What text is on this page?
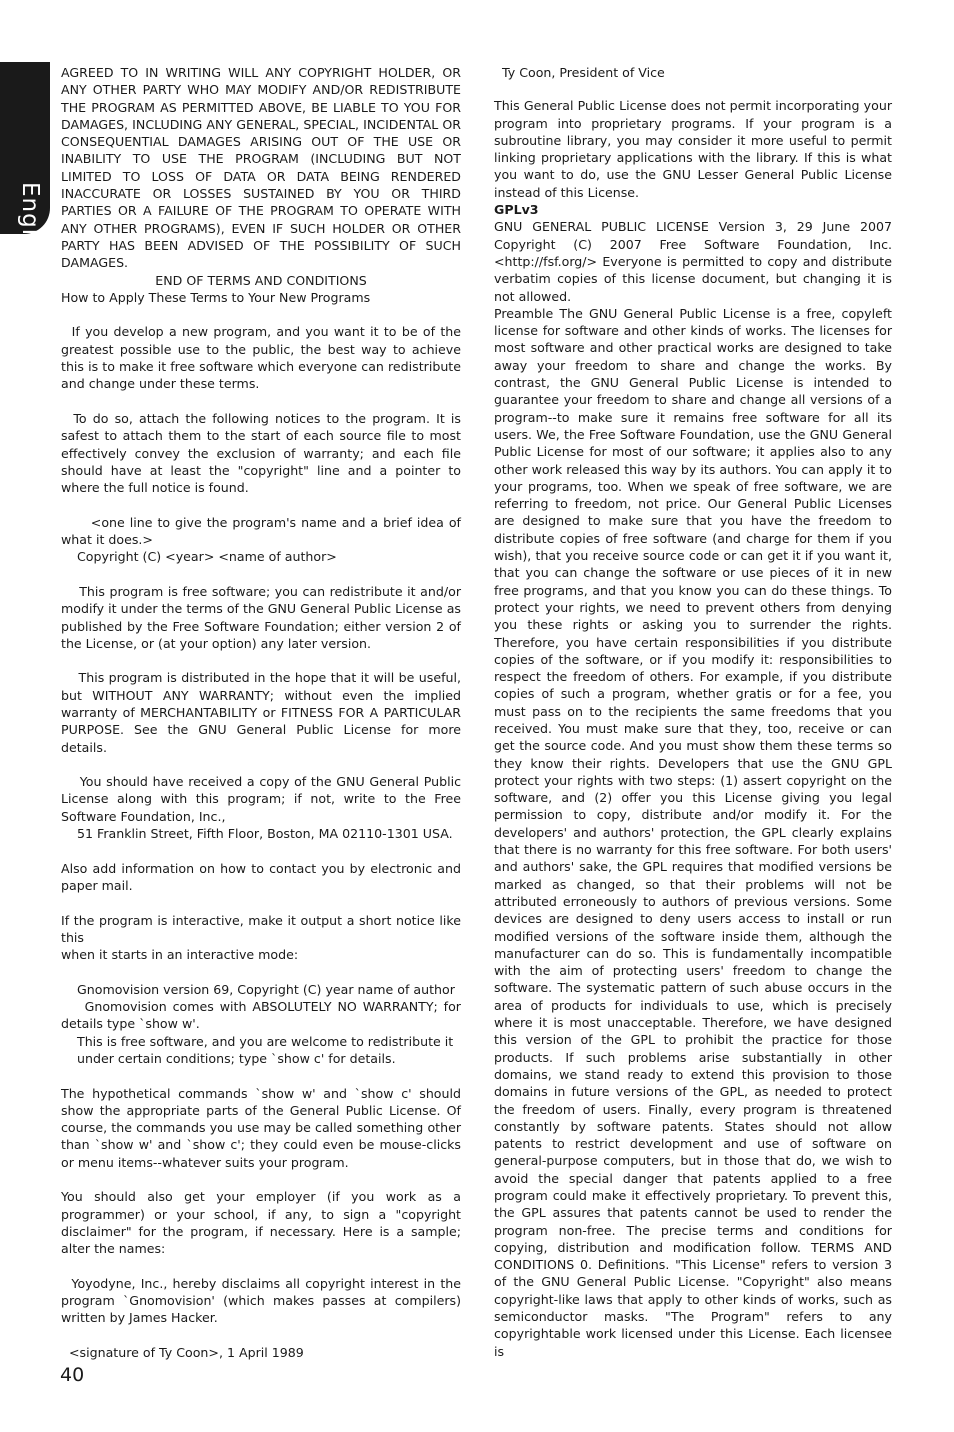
English

AGREED TO IN WRITING WILL ANY COPYRIGHT HOLDER, OR ANY OTHER PARTY WHO MAY MODIFY AND/OR REDISTRIBUTE THE PROGRAM AS PERMITTED ABOVE, BE LIABLE TO YOU FOR DAMAGES, INCLUDING ANY GENERAL, SPECIAL, INCIDENTAL OR CONSEQUENTIAL DAMAGES ARISING OUT OF THE USE OR INABILITY TO USE THE PROGRAM (INCLUDING BUT NOT LIMITED TO LOSS OF DATA OR DATA BEING RENDERED INACCURATE OR LOSSES SUSTAINED BY YOU OR THIRD PARTIES OR A FAILURE OF THE PROGRAM TO OPERATE WITH ANY OTHER PROGRAMS), EVEN IF SUCH HOLDER OR OTHER PARTY HAS BEEN ADVISED OF THE POSSIBILITY OF SUCH DAMAGES.

END OF TERMS AND CONDITIONS

How to Apply These Terms to Your New Programs

If you develop a new program, and you want it to be of the greatest possible use to the public, the best way to achieve this is to make it free software which everyone can redistribute and change under these terms.

To do so, attach the following notices to the program. It is safest to attach them to the start of each source file to most effectively convey the exclusion of warranty; and each file should have at least the "copyright" line and a pointer to where the full notice is found.

<one line to give the program's name and a brief idea of what it does.>

Copyright (C) <year> <name of author>

This program is free software; you can redistribute it and/or modify it under the terms of the GNU General Public License as published by the Free Software Foundation; either version 2 of the License, or (at your option) any later version.

This program is distributed in the hope that it will be useful, but WITHOUT ANY WARRANTY; without even the implied warranty of MERCHANTABILITY or FITNESS FOR A PARTICULAR PURPOSE. See the GNU General Public License for more details.

You should have received a copy of the GNU General Public License along with this program; if not, write to the Free Software Foundation, Inc.,

51 Franklin Street, Fifth Floor, Boston, MA 02110-1301 USA.

Also add information on how to contact you by electronic and paper mail.

If the program is interactive, make it output a short notice like this

when it starts in an interactive mode:

Gnomovision version 69, Copyright (C) year name of author

Gnomovision comes with ABSOLUTELY NO WARRANTY; for details type `show w'.

This is free software, and you are welcome to redistribute it

under certain conditions; type `show c' for details.

The hypothetical commands `show w' and `show c' should show the appropriate parts of the General Public License. Of course, the commands you use may be called something other than `show w' and `show c'; they could even be mouse-clicks or menu items--whatever suits your program.

You should also get your employer (if you work as a programmer) or your school, if any, to sign a "copyright disclaimer" for the program, if necessary. Here is a sample; alter the names:

Yoyodyne, Inc., hereby disclaims all copyright interest in the program `Gnomovision' (which makes passes at compilers) written by James Hacker.

<signature of Ty Coon>, 1 April 1989

Ty Coon, President of Vice

This General Public License does not permit incorporating your program into proprietary programs. If your program is a subroutine library, you may consider it more useful to permit linking proprietary applications with the library. If this is what you want to do, use the GNU Lesser General Public License instead of this License.

GPLv3

GNU GENERAL PUBLIC LICENSE Version 3, 29 June 2007 Copyright (C) 2007 Free Software Foundation, Inc. <http://fsf.org/> Everyone is permitted to copy and distribute verbatim copies of this license document, but changing it is not allowed.

Preamble The GNU General Public License is a free, copyleft license for software and other kinds of works. The licenses for most software and other practical works are designed to take away your freedom to share and change the works. By contrast, the GNU General Public License is intended to guarantee your freedom to share and change all versions of a program--to make sure it remains free software for all its users. We, the Free Software Foundation, use the GNU General Public License for most of our software; it applies also to any other work released this way by its authors. You can apply it to your programs, too. When we speak of free software, we are referring to freedom, not price. Our General Public Licenses are designed to make sure that you have the freedom to distribute copies of free software (and charge for them if you wish), that you receive source code or can get it if you want it, that you can change the software or use pieces of it in new free programs, and that you know you can do these things. To protect your rights, we need to prevent others from denying you these rights or asking you to surrender the rights. Therefore, you have certain responsibilities if you distribute copies of the software, or if you modify it: responsibilities to respect the freedom of others. For example, if you distribute copies of such a program, whether gratis or for a fee, you must pass on to the recipients the same freedoms that you received. You must make sure that they, too, receive or can get the source code. And you must show them these terms so they know their rights. Developers that use the GNU GPL protect your rights with two steps: (1) assert copyright on the software, and (2) offer you this License giving you legal permission to copy, distribute and/or modify it. For the developers' and authors' protection, the GPL clearly explains that there is no warranty for this free software. For both users' and authors' sake, the GPL requires that modified versions be marked as changed, so that their problems will not be attributed erroneously to authors of previous versions. Some devices are designed to deny users access to install or run modified versions of the software inside them, although the manufacturer can do so. This is fundamentally incompatible with the aim of protecting users' freedom to change the software. The systematic pattern of such abuse occurs in the area of products for individuals to use, which is precisely where it is most unacceptable. Therefore, we have designed this version of the GPL to prohibit the practice for those products. If such problems arise substantially in other domains, we stand ready to extend this provision to those domains in future versions of the GPL, as needed to protect the freedom of users. Finally, every program is threatened constantly by software patents. States should not allow patents to restrict development and use of software on general-purpose computers, but in those that do, we wish to avoid the special danger that patents applied to a free program could make it effectively proprietary. To prevent this, the GPL assures that patents cannot be used to render the program non-free. The precise terms and conditions for copying, distribution and modification follow. TERMS AND CONDITIONS 0. Definitions. "This License" refers to version 3 of the GNU General Public License. "Copyright" also means copyright-like laws that apply to other kinds of works, such as semiconductor masks. "The Program" refers to any copyrightable work licensed under this License. Each licensee is

40
